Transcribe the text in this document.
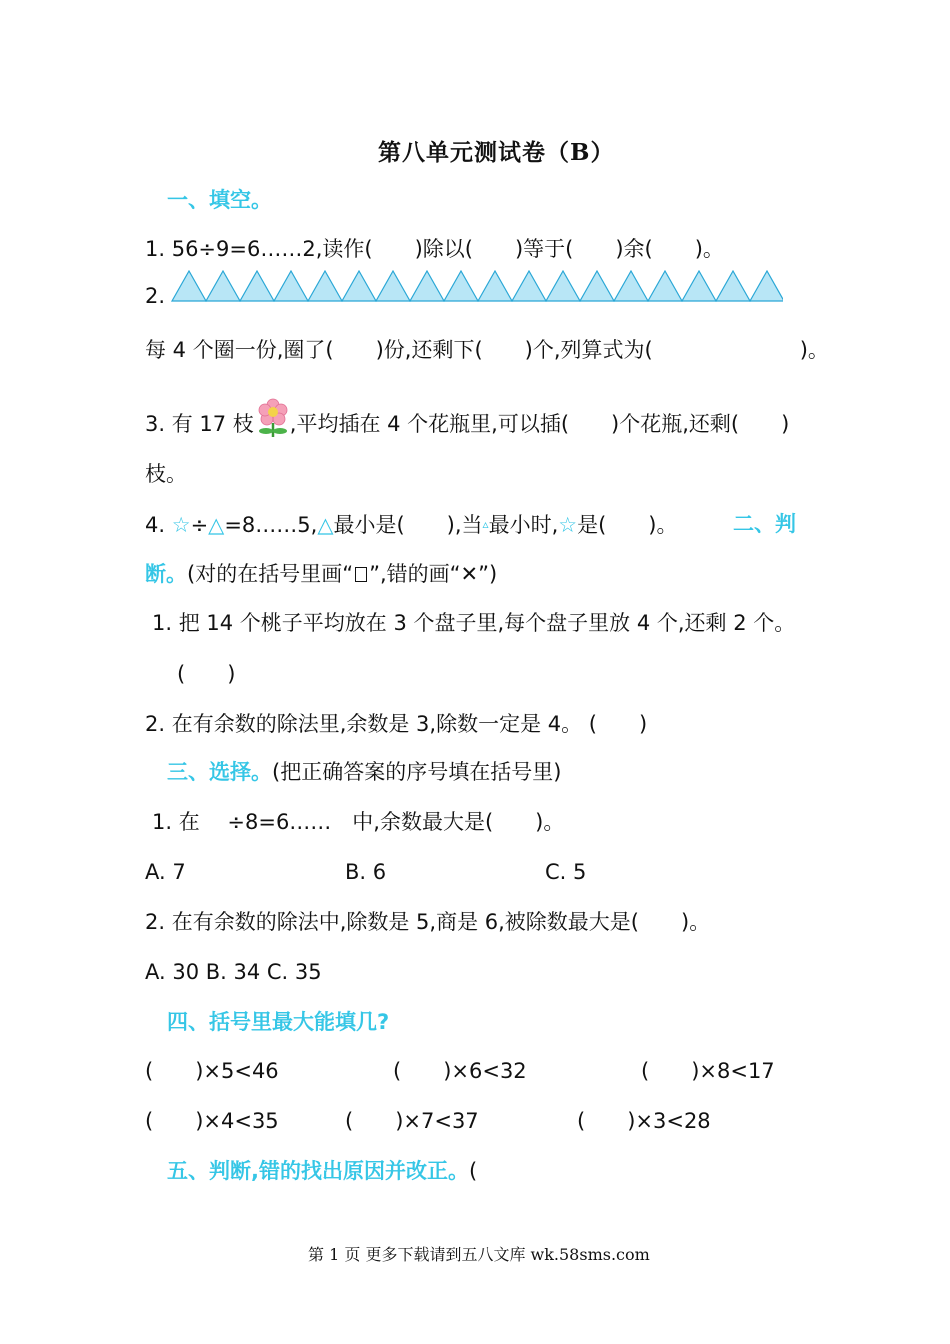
第八单元测试卷（B）
一、填空。
1. 56÷9=6……2,读作(　　)除以(　　)等于(　　)余(　　)。
2.
每 4 个圈一份,圈了(　　)份,还剩下(　　)个,列算式为(　　　　　　　)。
3. 有 17 枝 ,平均插在 4 个花瓶里,可以插(　　)个花瓶,还剩(　　)
枝。
4. ☆÷△=8……5,△最小是(　　),当▵最小时,☆是(　　)。	二、判
断。(对的在括号里画“ ”,错的画“✕”)
1. 把 14 个桃子平均放在 3 个盘子里,每个盘子里放 4 个,还剩 2 个。
(　　)
2. 在有余数的除法里,余数是 3,除数一定是 4。 (　　)
三、选择。(把正确答案的序号填在括号里)
1. 在　 ÷8=6……　中,余数最大是(　　)。
A. 7	B. 6	C. 5
2. 在有余数的除法中,除数是 5,商是 6,被除数最大是(　　)。
A. 30 B. 34 C. 35
四、括号里最大能填几?
(　　)×5<46	(　　)×6<32	(　　)×8<17
(　　)×4<35	(　　)×7<37	(　　)×3<28
五、判断,错的找出原因并改正。(
第 1 页 更多下载请到五八文库 wk.58sms.com
